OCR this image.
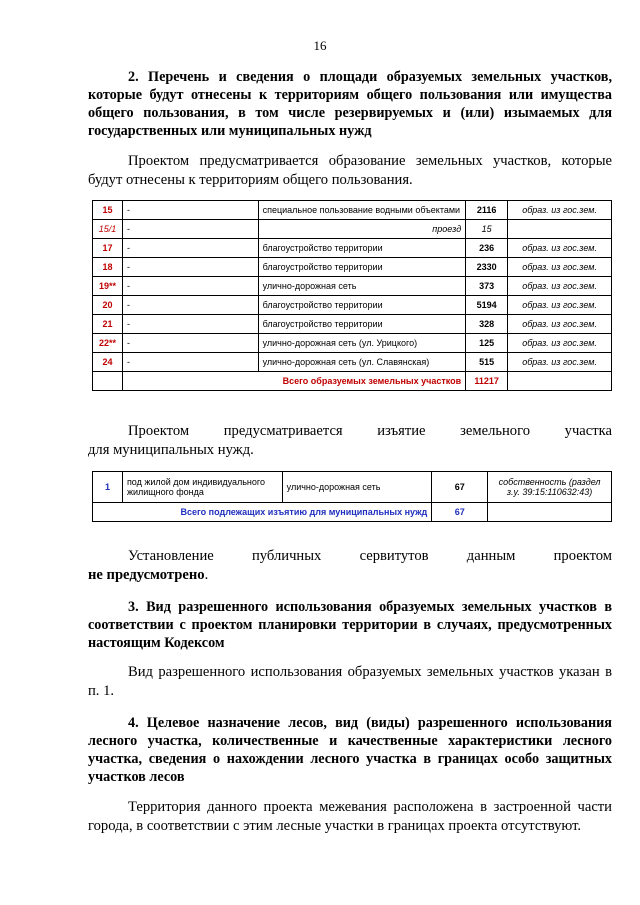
16

2. Перечень и сведения о площади образуемых земельных участков, которые будут отнесены к территориям общего пользования или имущества общего пользования, в том числе резервируемых и (или) изымаемых для государственных или муниципальных нужд

Проектом предусматривается образование земельных участков, которые будут отнесены к территориям общего пользования.

15	-	специальное пользование водными объектами	2116	образ. из гос.зем.
15/1	-	проезд	15	
17	-	благоустройство территории	236	образ. из гос.зем.
18	-	благоустройство территории	2330	образ. из гос.зем.
19**	-	улично-дорожная сеть	373	образ. из гос.зем.
20	-	благоустройство территории	5194	образ. из гос.зем.
21	-	благоустройство территории	328	образ. из гос.зем.
22**	-	улично-дорожная сеть (ул. Урицкого)	125	образ. из гос.зем.
24	-	улично-дорожная сеть (ул. Славянская)	515	образ. из гос.зем.
	Всего образуемых земельных участков		11217	
Проектом предусматривается изъятие земельного участка
для муниципальных нужд.
1	под жилой дом индивидуального жилищного фонда	улично-дорожная сеть	67	собственность (раздел з.у. 39:15:110632:43)
Всего подлежащих изъятию для муниципальных нужд			67	
Установление	публичных	сервитутов	данным	проектом
не предусмотрено.

3. Вид разрешенного использования образуемых земельных участков в соответствии с проектом планировки территории в случаях, предусмотренных настоящим Кодексом

Вид разрешенного использования образуемых земельных участков указан в п. 1.

4. Целевое назначение лесов, вид (виды) разрешенного использования лесного участка, количественные и качественные характеристики лесного участка, сведения о нахождении лесного участка в границах особо защитных участков лесов

Территория данного проекта межевания расположена в застроенной части города, в соответствии с этим лесные участки в границах проекта отсутствуют.
